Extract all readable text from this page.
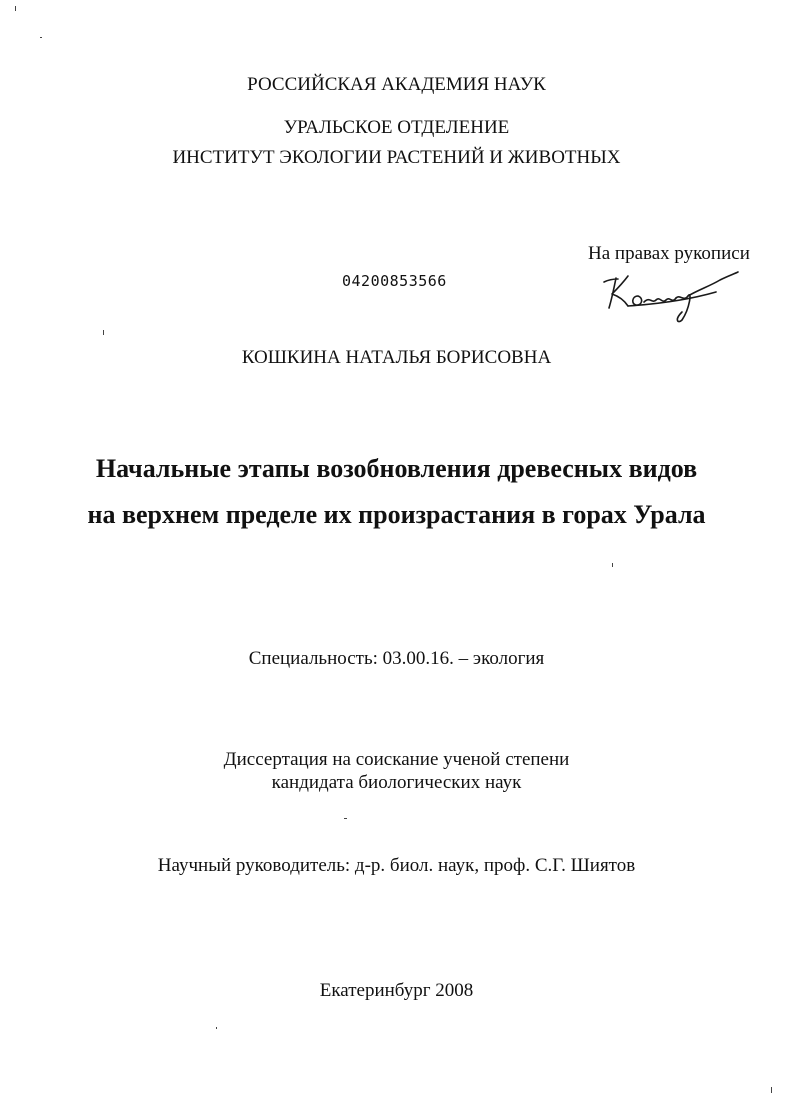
РОССИЙСКАЯ АКАДЕМИЯ НАУК
УРАЛЬСКОЕ ОТДЕЛЕНИЕ
ИНСТИТУТ ЭКОЛОГИИ РАСТЕНИЙ И ЖИВОТНЫХ
На правах рукописи
04200853566
КОШКИНА НАТАЛЬЯ БОРИСОВНА
Начальные этапы возобновления древесных видов
на верхнем пределе их произрастания в горах Урала
Специальность: 03.00.16. – экология
Диссертация на соискание ученой степени
кандидата биологических наук
Научный руководитель: д-р. биол. наук, проф. С.Г. Шиятов
Екатеринбург 2008
